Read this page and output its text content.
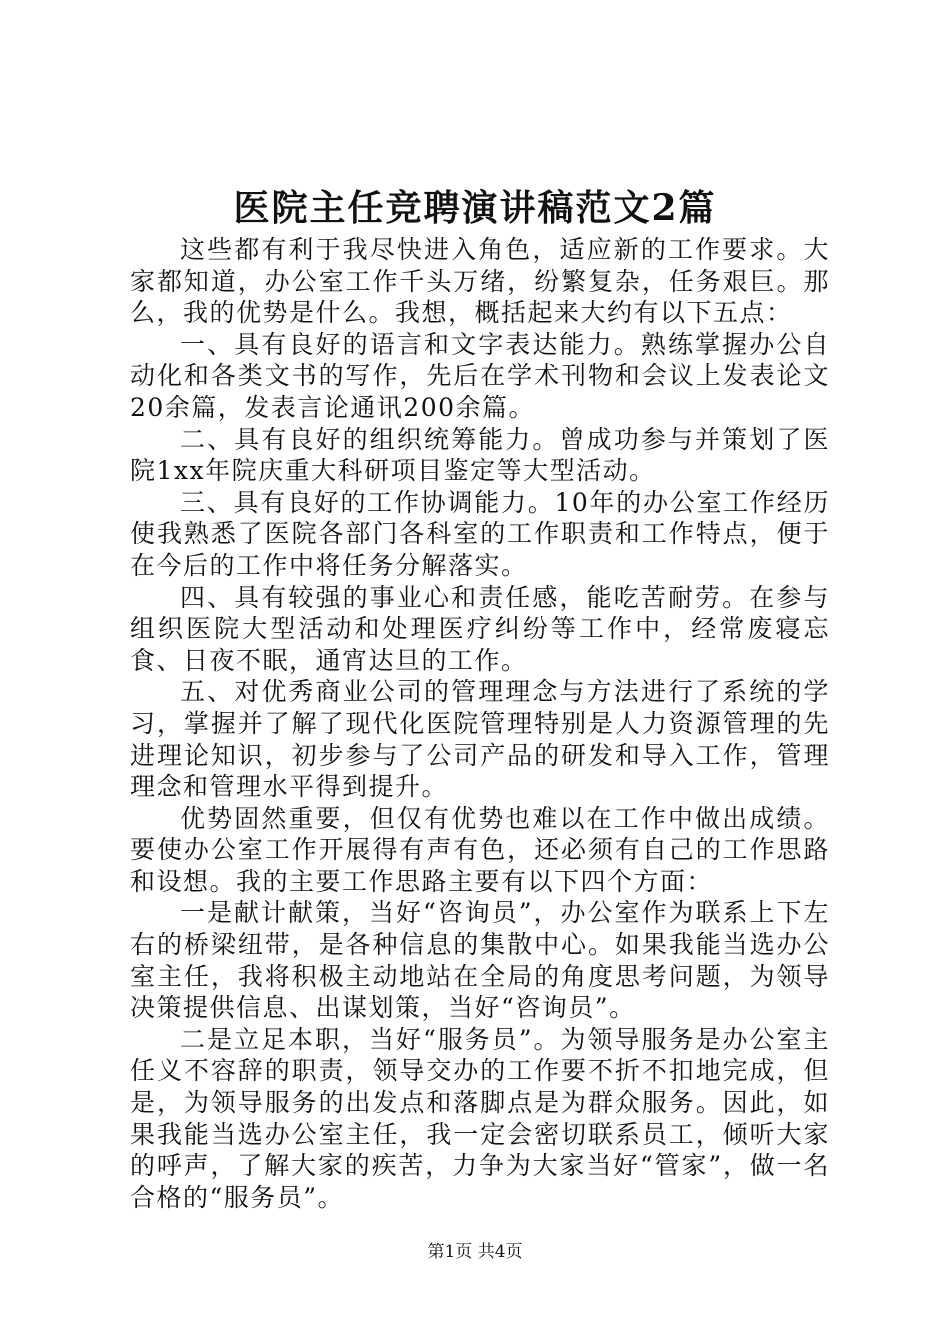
医院主任竞聘演讲稿范文2篇

这些都有利于我尽快进入角色，适应新的工作要求。大家都知道，办公室工作千头万绪，纷繁复杂，任务艰巨。那么，我的优势是什么。我想，概括起来大约有以下五点：

一、具有良好的语言和文字表达能力。熟练掌握办公自动化和各类文书的写作，先后在学术刊物和会议上发表论文20余篇，发表言论通讯200余篇。

二、具有良好的组织统筹能力。曾成功参与并策划了医院1xx年院庆重大科研项目鉴定等大型活动。

三、具有良好的工作协调能力。10年的办公室工作经历使我熟悉了医院各部门各科室的工作职责和工作特点，便于在今后的工作中将任务分解落实。

四、具有较强的事业心和责任感，能吃苦耐劳。在参与组织医院大型活动和处理医疗纠纷等工作中，经常废寝忘食、日夜不眠，通宵达旦的工作。

五、对优秀商业公司的管理理念与方法进行了系统的学习，掌握并了解了现代化医院管理特别是人力资源管理的先进理论知识，初步参与了公司产品的研发和导入工作，管理理念和管理水平得到提升。

优势固然重要，但仅有优势也难以在工作中做出成绩。要使办公室工作开展得有声有色，还必须有自己的工作思路和设想。我的主要工作思路主要有以下四个方面：

一是献计献策，当好“咨询员”，办公室作为联系上下左右的桥梁纽带，是各种信息的集散中心。如果我能当选办公室主任，我将积极主动地站在全局的角度思考问题，为领导决策提供信息、出谋划策，当好“咨询员”。

二是立足本职，当好“服务员”。为领导服务是办公室主任义不容辞的职责，领导交办的工作要不折不扣地完成，但是，为领导服务的出发点和落脚点是为群众服务。因此，如果我能当选办公室主任，我一定会密切联系员工，倾听大家的呼声，了解大家的疾苦，力争为大家当好“管家”，做一名合格的“服务员”。

第1页 共4页
